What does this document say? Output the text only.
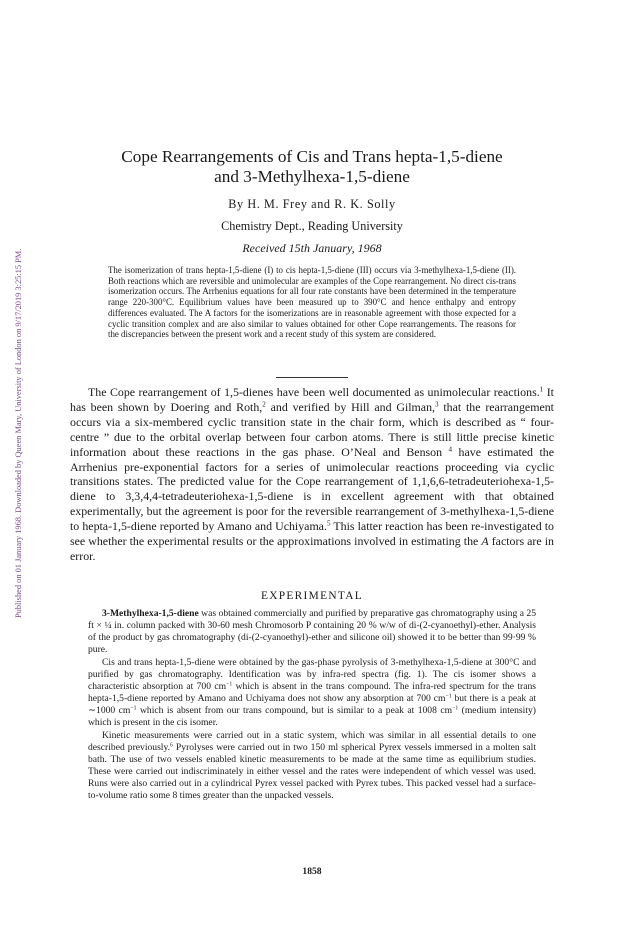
Published on 01 January 1968. Downloaded by Queen Mary, University of London on 9/17/2019 3:25:15 PM.
Cope Rearrangements of Cis and Trans hepta-1,5-diene
and 3-Methylhexa-1,5-diene
By H. M. Frey and R. K. Solly
Chemistry Dept., Reading University
Received 15th January, 1968

The isomerization of trans hepta-1,5-diene (I) to cis hepta-1,5-diene (III) occurs via 3-methylhexa-1,5-diene (II). Both reactions which are reversible and unimolecular are examples of the Cope rearrangement. No direct cis-trans isomerization occurs. The Arrhenius equations for all four rate constants have been determined in the temperature range 220-300°C. Equilibrium values have been measured up to 390°C and hence enthalpy and entropy differences evaluated. The A factors for the isomerizations are in reasonable agreement with those expected for a cyclic transition complex and are also similar to values obtained for other Cope rearrangements. The reasons for the discrepancies between the present work and a recent study of this system are considered.

The Cope rearrangement of 1,5-dienes have been well documented as unimolecular reactions.$^1$ It has been shown by Doering and Roth,$^2$ and verified by Hill and Gilman,$^3$ that the rearrangement occurs via a six-membered cyclic transition state in the chair form, which is described as “ four-centre ” due to the orbital overlap between four carbon atoms. There is still little precise kinetic information about these reactions in the gas phase. O’Neal and Benson $^4$ have estimated the Arrhenius pre-exponential factors for a series of unimolecular reactions proceeding via cyclic transitions states. The predicted value for the Cope rearrangement of 1,1,6,6-tetradeuteriohexa-1,5-diene to 3,3,4,4-tetradeuteriohexa-1,5-diene is in excellent agreement with that obtained experimentally, but the agreement is poor for the reversible rearrangement of 3-methylhexa-1,5-diene to hepta-1,5-diene reported by Amano and Uchiyama.$^5$ This latter reaction has been re-investigated to see whether the experimental results or the approximations involved in estimating the A factors are in error.

EXPERIMENTAL

3-Methylhexa-1,5-diene was obtained commercially and purified by preparative gas chromatography using a 25 ft × ¼ in. column packed with 30-60 mesh Chromosorb P containing 20 % w/w of di-(2-cyanoethyl)-ether. Analysis of the product by gas chromatography (di-(2-cyanoethyl)-ether and silicone oil) showed it to be better than 99·99 % pure.

Cis and trans hepta-1,5-diene were obtained by the gas-phase pyrolysis of 3-methylhexa-1,5-diene at 300°C and purified by gas chromatography. Identification was by infra-red spectra (fig. 1). The cis isomer shows a characteristic absorption at 700 $cm^{-1}$ which is absent in the trans compound. The infra-red spectrum for the trans hepta-1,5-diene reported by Amano and Uchiyama does not show any absorption at 700 $cm^{-1}$ but there is a peak at ∼1000 $cm^{-1}$ which is absent from our trans compound, but is similar to a peak at 1008 $cm^{-1}$ (medium intensity) which is present in the cis isomer.

Kinetic measurements were carried out in a static system, which was similar in all essential details to one described previously.$^6$ Pyrolyses were carried out in two 150 ml spherical Pyrex vessels immersed in a molten salt bath. The use of two vessels enabled kinetic measurements to be made at the same time as equilibrium studies. These were carried out indiscriminately in either vessel and the rates were independent of which vessel was used. Runs were also carried out in a cylindrical Pyrex vessel packed with Pyrex tubes. This packed vessel had a surface-to-volume ratio some 8 times greater than the unpacked vessels.

1858
